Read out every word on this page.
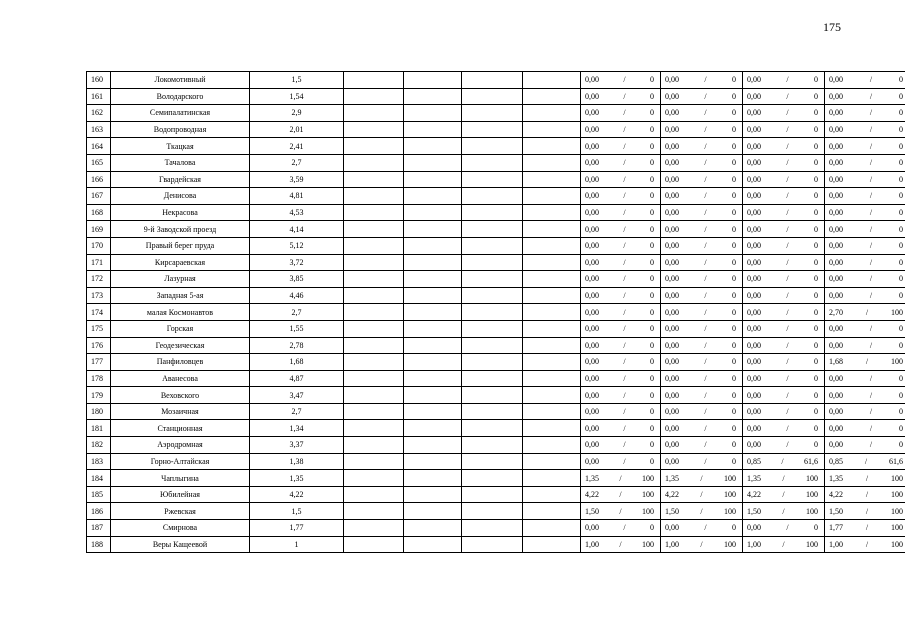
175
160	Локомотивный	1,5					0,00 / 0	0,00 / 0	0,00 / 0	0,00 / 0

161	Володарского	1,54					0,00 / 0	0,00 / 0	0,00 / 0	0,00 / 0

162	Семипалатинская	2,9					0,00 / 0	0,00 / 0	0,00 / 0	0,00 / 0

163	Водопроводная	2,01					0,00 / 0	0,00 / 0	0,00 / 0	0,00 / 0

164	Ткацкая	2,41					0,00 / 0	0,00 / 0	0,00 / 0	0,00 / 0

165	Тачалова	2,7					0,00 / 0	0,00 / 0	0,00 / 0	0,00 / 0

166	Гвардейская	3,59					0,00 / 0	0,00 / 0	0,00 / 0	0,00 / 0

167	Денисова	4,81					0,00 / 0	0,00 / 0	0,00 / 0	0,00 / 0

168	Некрасова	4,53					0,00 / 0	0,00 / 0	0,00 / 0	0,00 / 0

169	9-й Заводской проезд	4,14					0,00 / 0	0,00 / 0	0,00 / 0	0,00 / 0

170	Правый берег пруда	5,12					0,00 / 0	0,00 / 0	0,00 / 0	0,00 / 0

171	Кирсараевская	3,72					0,00 / 0	0,00 / 0	0,00 / 0	0,00 / 0

172	Лазурная	3,85					0,00 / 0	0,00 / 0	0,00 / 0	0,00 / 0

173	Западная 5-ая	4,46					0,00 / 0	0,00 / 0	0,00 / 0	0,00 / 0

174	малая Космонавтов	2,7					0,00 / 0	0,00 / 0	0,00 / 0	2,70 / 100

175	Горская	1,55					0,00 / 0	0,00 / 0	0,00 / 0	0,00 / 0

176	Геодезическая	2,78					0,00 / 0	0,00 / 0	0,00 / 0	0,00 / 0

177	Панфиловцев	1,68					0,00 / 0	0,00 / 0	0,00 / 0	1,68 / 100

178	Аванесова	4,87					0,00 / 0	0,00 / 0	0,00 / 0	0,00 / 0

179	Веховского	3,47					0,00 / 0	0,00 / 0	0,00 / 0	0,00 / 0

180	Мозаичная	2,7					0,00 / 0	0,00 / 0	0,00 / 0	0,00 / 0

181	Станционная	1,34					0,00 / 0	0,00 / 0	0,00 / 0	0,00 / 0

182	Аэродромная	3,37					0,00 / 0	0,00 / 0	0,00 / 0	0,00 / 0

183	Горно-Алтайская	1,38					0,00 / 0	0,00 / 0	0,85 / 61,6	0,85 / 61,6

184	Чаплыгина	1,35					1,35 / 100	1,35 / 100	1,35 / 100	1,35 / 100

185	Юбилейная	4,22					4,22 / 100	4,22 / 100	4,22 / 100	4,22 / 100

186	Ржевская	1,5					1,50 / 100	1,50 / 100	1,50 / 100	1,50 / 100

187	Смирнова	1,77					0,00 / 0	0,00 / 0	0,00 / 0	1,77 / 100

188	Веры Кащеевой	1					1,00 / 100	1,00 / 100	1,00 / 100	1,00 / 100
